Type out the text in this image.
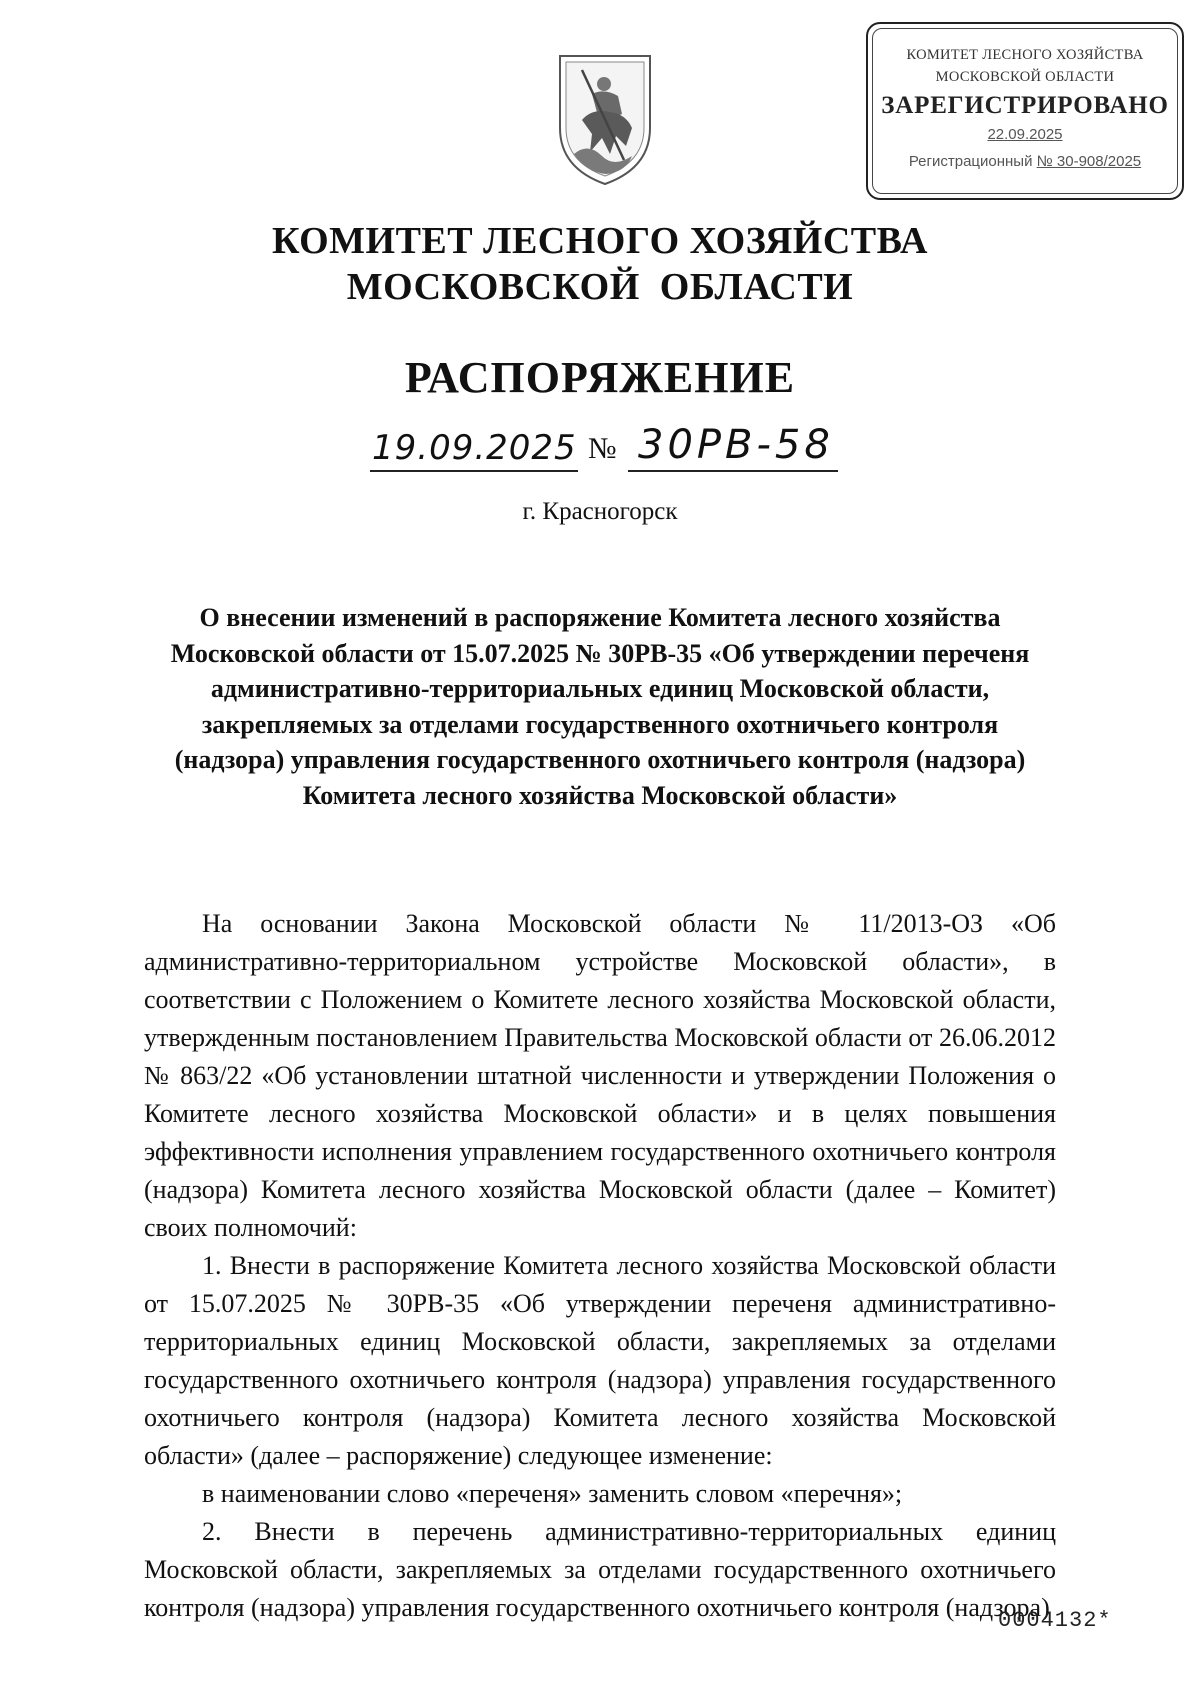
КОМИТЕТ ЛЕСНОГО ХОЗЯЙСТВА
МОСКОВСКОЙ ОБЛАСТИ
ЗАРЕГИСТРИРОВАНО
22.09.2025
Регистрационный № 30-908/2025
КОМИТЕТ ЛЕСНОГО ХОЗЯЙСТВА
МОСКОВСКОЙ  ОБЛАСТИ
РАСПОРЯЖЕНИЕ
19.09.2025 № 30РВ-58
г. Красногорск
О внесении изменений в распоряжение Комитета лесного хозяйства
Московской области от 15.07.2025 № 30РВ-35 «Об утверждении переченя
административно-территориальных единиц Московской области,
закрепляемых за отделами государственного охотничьего контроля
(надзора) управления государственного охотничьего контроля (надзора)
Комитета лесного хозяйства Московской области»

На основании Закона Московской области № 11/2013-ОЗ «Об административно-территориальном устройстве Московской области», в соответствии с Положением о Комитете лесного хозяйства Московской области, утвержденным постановлением Правительства Московской области от 26.06.2012 № 863/22 «Об установлении штатной численности и утверждении Положения о Комитете лесного хозяйства Московской области» и в целях повышения эффективности исполнения управлением государственного охотничьего контроля (надзора) Комитета лесного хозяйства Московской области (далее – Комитет) своих полномочий:

1. Внести в распоряжение Комитета лесного хозяйства Московской области от 15.07.2025 № 30РВ-35 «Об утверждении переченя административно-территориальных единиц Московской области, закрепляемых за отделами государственного охотничьего контроля (надзора) управления государственного охотничьего контроля (надзора) Комитета лесного хозяйства Московской области» (далее – распоряжение) следующее изменение:

в наименовании слово «переченя» заменить словом «перечня»;

2. Внести в перечень административно-территориальных единиц Московской области, закрепляемых за отделами государственного охотничьего контроля (надзора) управления государственного охотничьего контроля (надзора)

0004132*
